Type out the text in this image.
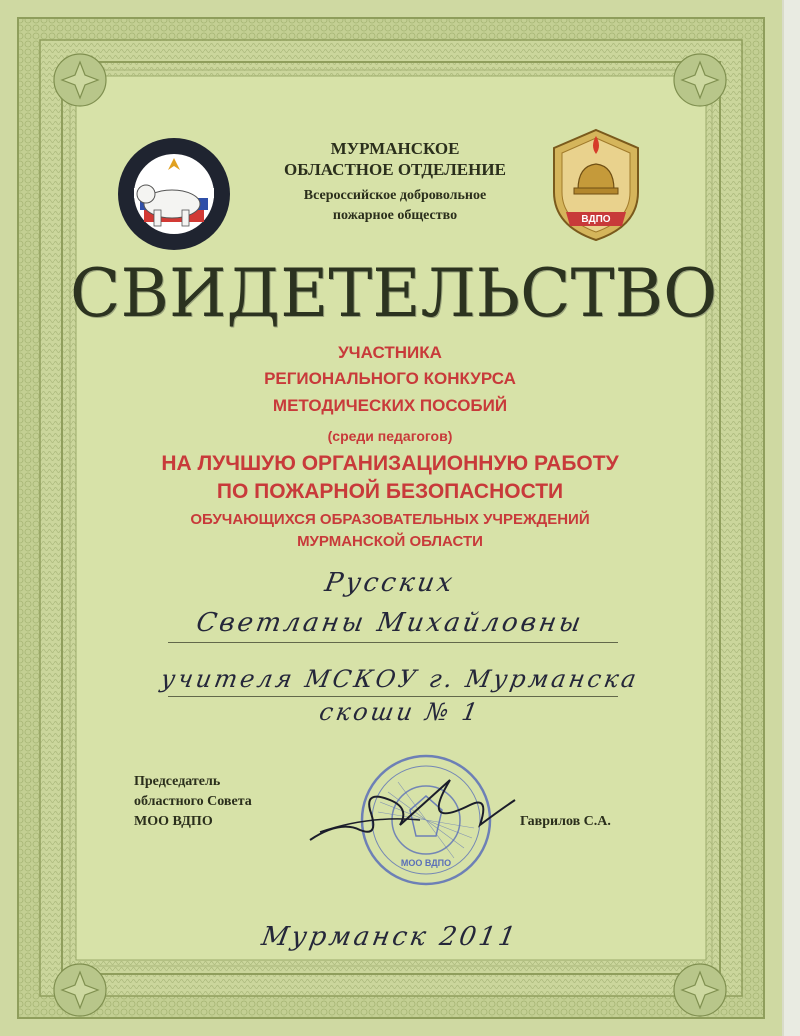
ВДПО

МУРМАНСКОЕ

ОБЛАСТНОЕ ОТДЕЛЕНИЕ

Всероссийское добровольное

пожарное общество

СВИДЕТЕЛЬСТВО

УЧАСТНИКА

РЕГИОНАЛЬНОГО КОНКУРСА

МЕТОДИЧЕСКИХ ПОСОБИЙ

(среди педагогов)

НА ЛУЧШУЮ ОРГАНИЗАЦИОННУЮ РАБОТУ

ПО ПОЖАРНОЙ БЕЗОПАСНОСТИ

ОБУЧАЮЩИХСЯ ОБРАЗОВАТЕЛЬНЫХ УЧРЕЖДЕНИЙ

МУРМАНСКОЙ ОБЛАСТИ

Русских
Светланы Михайловны
учителя МСКОУ г. Мурманска
скоши № 1
Председатель
областного Совета
МОО ВДПО
МОО ВДПО
Гаврилов С.А.
Мурманск 2011
